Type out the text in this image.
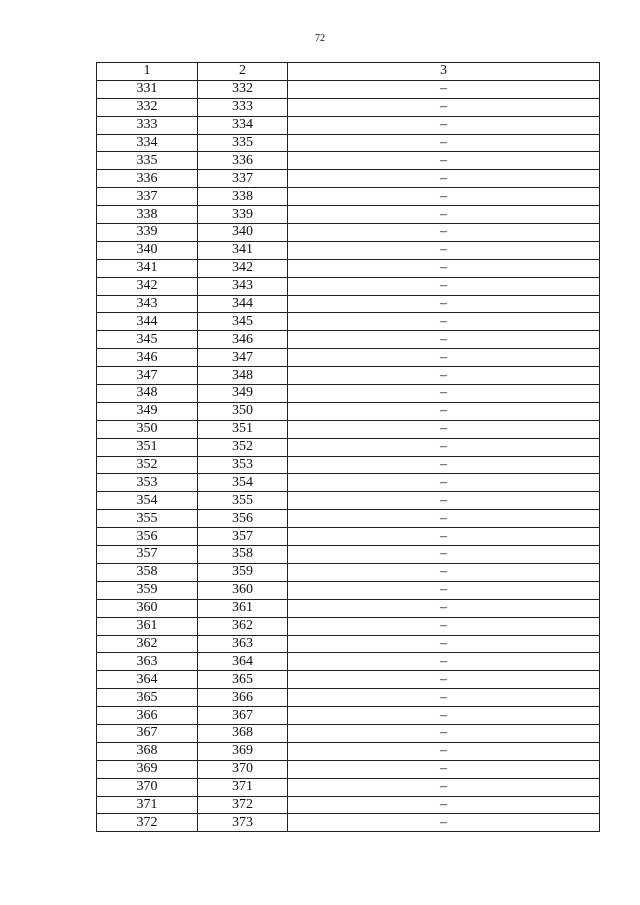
72
1	2	3
331	332	–
332	333	–
333	334	–
334	335	–
335	336	–
336	337	–
337	338	–
338	339	–
339	340	–
340	341	–
341	342	–
342	343	–
343	344	–
344	345	–
345	346	–
346	347	–
347	348	–
348	349	–
349	350	–
350	351	–
351	352	–
352	353	–
353	354	–
354	355	–
355	356	–
356	357	–
357	358	–
358	359	–
359	360	–
360	361	–
361	362	–
362	363	–
363	364	–
364	365	–
365	366	–
366	367	–
367	368	–
368	369	–
369	370	–
370	371	–
371	372	–
372	373	–
